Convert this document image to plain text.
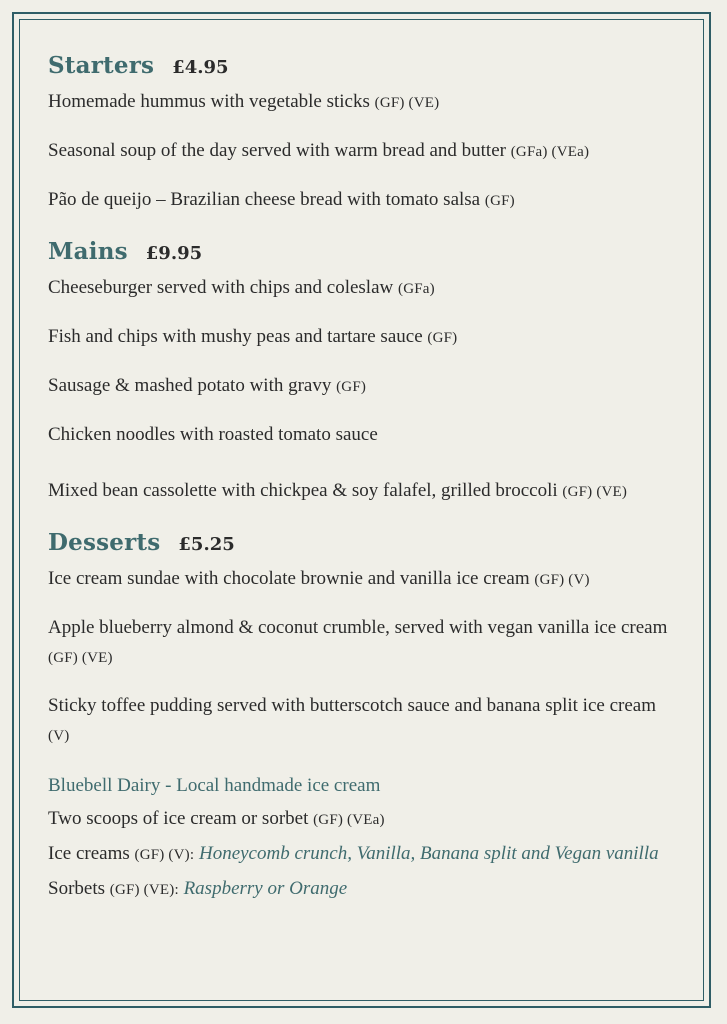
Starters £4.95
Homemade hummus with vegetable sticks (GF) (VE)
Seasonal soup of the day served with warm bread and butter (GFa) (VEa)
Pão de queijo – Brazilian cheese bread with tomato salsa (GF)
Mains £9.95
Cheeseburger served with chips and coleslaw (GFa)
Fish and chips with mushy peas and tartare sauce (GF)
Sausage & mashed potato with gravy (GF)
Chicken noodles with roasted tomato sauce
Mixed bean cassolette with chickpea & soy falafel, grilled broccoli (GF) (VE)
Desserts £5.25
Ice cream sundae with chocolate brownie and vanilla ice cream (GF) (V)
Apple blueberry almond & coconut crumble, served with vegan vanilla ice cream (GF) (VE)
Sticky toffee pudding served with butterscotch sauce and banana split ice cream (V)
Bluebell Dairy - Local handmade ice cream
Two scoops of ice cream or sorbet (GF) (VEa)
Ice creams (GF) (V): Honeycomb crunch, Vanilla, Banana split and Vegan vanilla
Sorbets (GF) (VE): Raspberry or Orange
